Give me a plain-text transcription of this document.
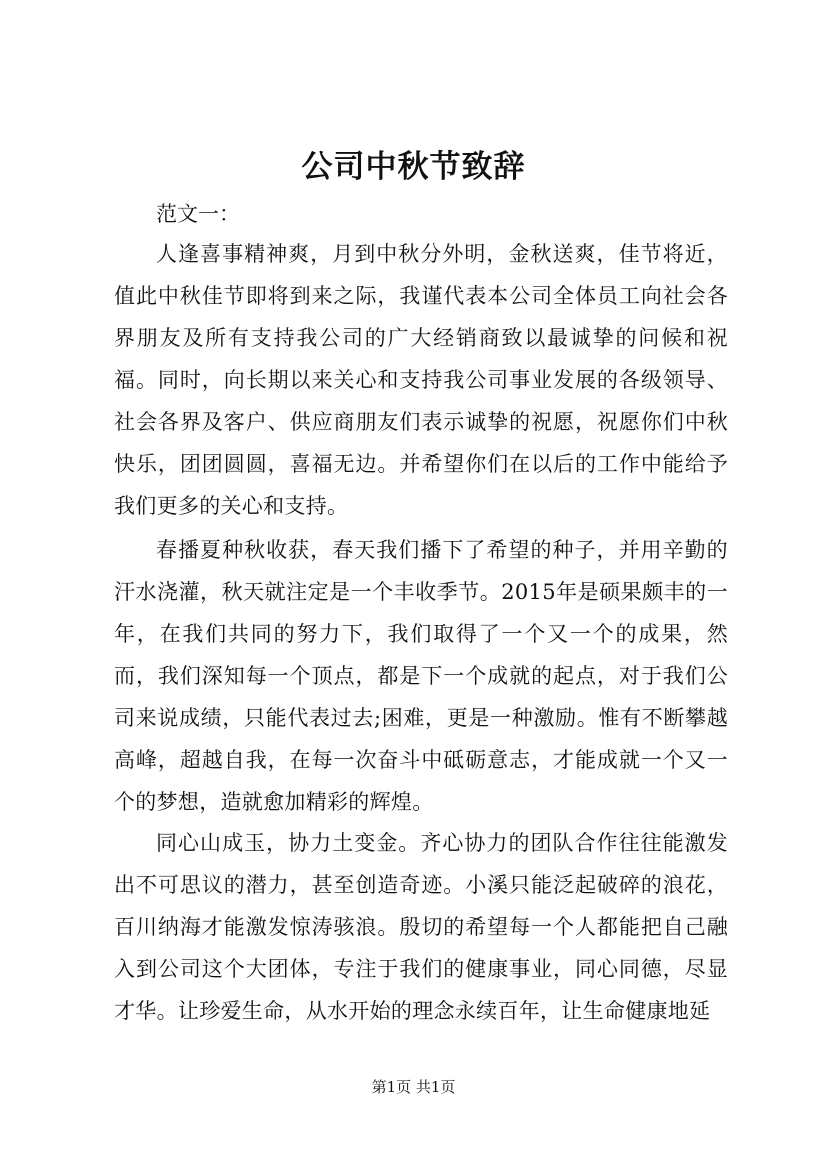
公司中秋节致辞

范文一：

人逢喜事精神爽，月到中秋分外明，金秋送爽，佳节将近，值此中秋佳节即将到来之际，我谨代表本公司全体员工向社会各界朋友及所有支持我公司的广大经销商致以最诚挚的问候和祝福。同时，向长期以来关心和支持我公司事业发展的各级领导、社会各界及客户、供应商朋友们表示诚挚的祝愿，祝愿你们中秋快乐，团团圆圆，喜福无边。并希望你们在以后的工作中能给予我们更多的关心和支持。

春播夏种秋收获，春天我们播下了希望的种子，并用辛勤的汗水浇灌，秋天就注定是一个丰收季节。2015年是硕果颇丰的一年，在我们共同的努力下，我们取得了一个又一个的成果，然而，我们深知每一个顶点，都是下一个成就的起点，对于我们公司来说成绩，只能代表过去;困难，更是一种激励。惟有不断攀越高峰，超越自我，在每一次奋斗中砥砺意志，才能成就一个又一个的梦想，造就愈加精彩的辉煌。

同心山成玉，协力土变金。齐心协力的团队合作往往能激发出不可思议的潜力，甚至创造奇迹。小溪只能泛起破碎的浪花，百川纳海才能激发惊涛骇浪。殷切的希望每一个人都能把自己融入到公司这个大团体，专注于我们的健康事业，同心同德，尽显才华。让珍爱生命，从水开始的理念永续百年，让生命健康地延

第1页 共1页
